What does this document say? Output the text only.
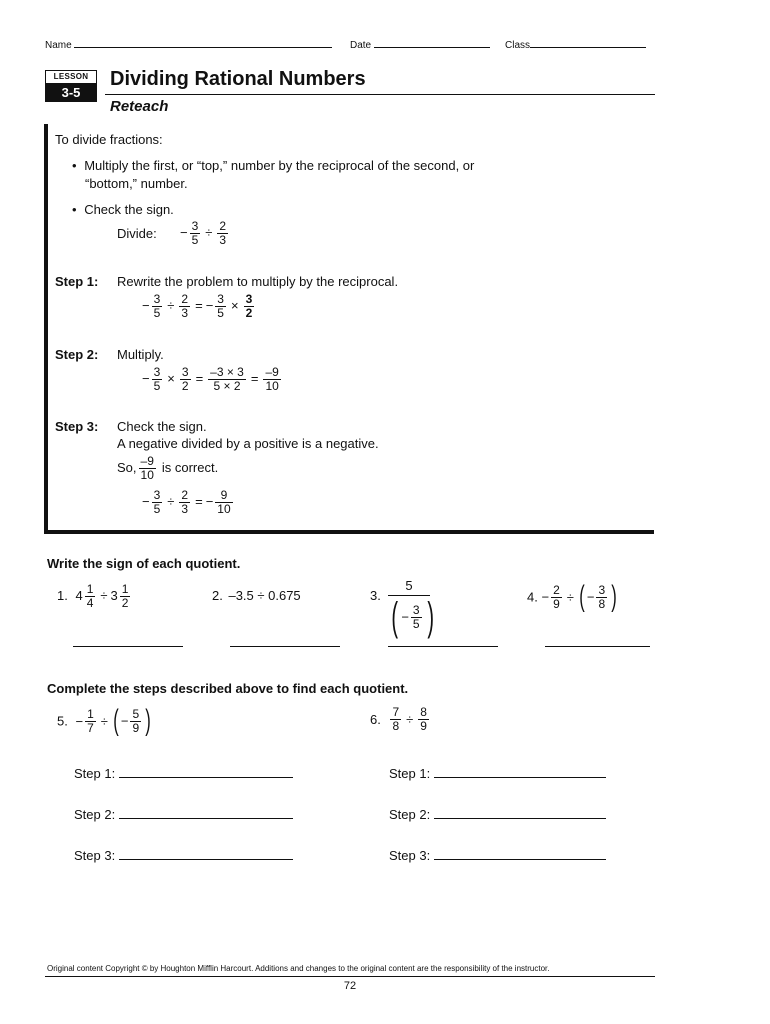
Name	Date	Class
LESSON
3-5
Dividing Rational Numbers
Reteach
To divide fractions:
• Multiply the first, or “top,” number by the reciprocal of the second, or
“bottom,” number.
• Check the sign.
Divide: − $\frac{3}{5} \div \frac{2}{3}$
Step 1: Rewrite the problem to multiply by the reciprocal.
− $\frac{3}{5} \div \frac{2}{3}$ = − $\frac{3}{5} \times \frac{3}{2}$
Step 2: Multiply.
− $\frac{3}{5} \times \frac{3}{2} = \frac{-3 \times 3}{5 \times 2} = \frac{-9}{10}$
Step 3: Check the sign.
A negative divided by a positive is a negative.
So, $\frac{-9}{10}$ is correct.
− $\frac{3}{5} \div \frac{2}{3}$ = − $\frac{9}{10}$
Write the sign of each quotient.
1. $4 \frac{1}{4} \div 3 \frac{1}{2}$	2. –3.5 ÷ 0.675	3.
5
( − $\frac{3}{5}$ )	4. − $\frac{2}{9}$ ÷ ( − $\frac{3}{8}$ )
Complete the steps described above to find each quotient.
5. − $\frac{1}{7}$ ÷ ( − $\frac{5}{9}$ )	6. $\frac{7}{8} \div \frac{8}{9}$
Step 1:
Step 2:
Step 3:
Step 1:
Step 2:
Step 3:
Original content Copyright © by Houghton Mifflin Harcourt. Additions and changes to the original content are the responsibility of the instructor.
72
